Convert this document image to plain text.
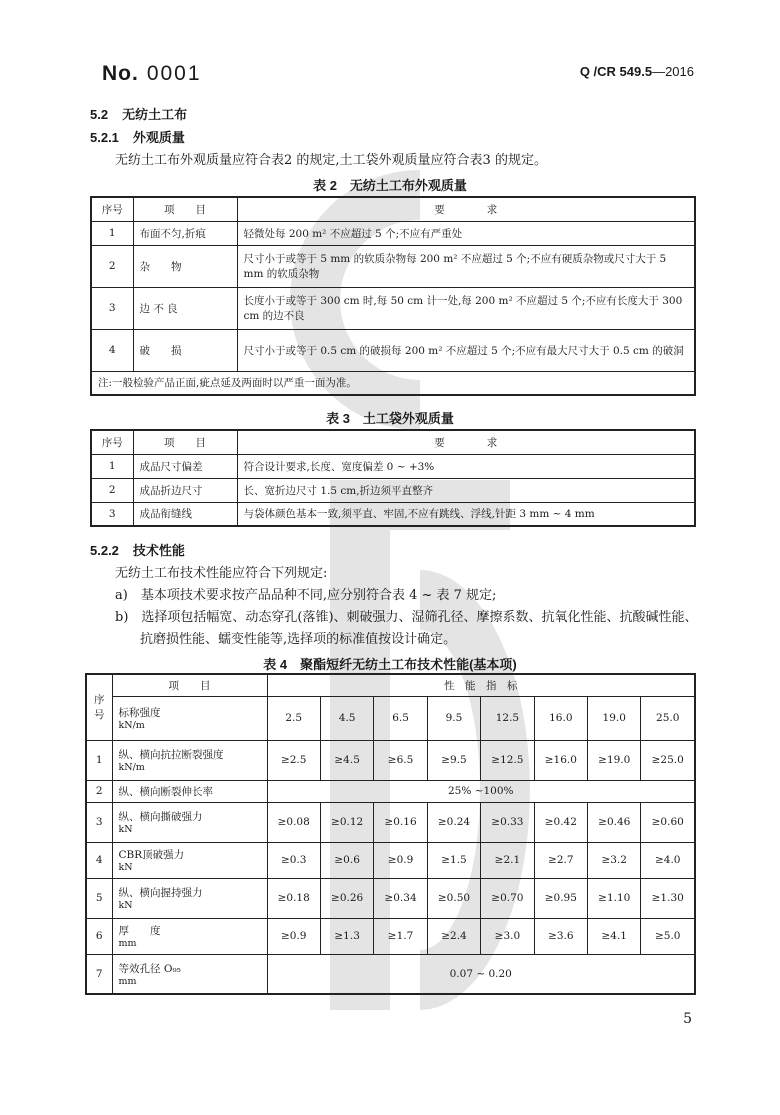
No. 0001	Q /CR 549.5—2016
5.2 无纺土工布
5.2.1 外观质量
无纺土工布外观质量应符合表2 的规定,土工袋外观质量应符合表3 的规定。
表 2　无纺土工布外观质量
序号	项　　目	要　　　　求
1	布面不匀,折痕	轻微处每 200 m² 不应超过 5 个;不应有严重处
2	杂　　物	尺寸小于或等于 5 mm 的软质杂物每 200 m² 不应超过 5 个;不应有硬质杂物或尺寸大于 5 mm 的软质杂物
3	边 不 良	长度小于或等于 300 cm 时,每 50 cm 计一处,每 200 m² 不应超过 5 个;不应有长度大于 300 cm 的边不良
4	破　　损	尺寸小于或等于 0.5 cm 的破损每 200 m² 不应超过 5 个;不应有最大尺寸大于 0.5 cm 的破洞
注:一般检验产品正面,疵点延及两面时以严重一面为准。		
表 3　土工袋外观质量
序号	项　　目	要　　　　求
1	成品尺寸偏差	符合设计要求,长度、宽度偏差 0 ~ +3%
2	成品折边尺寸	长、宽折边尺寸 1.5 cm,折边须平直整齐
3	成品衔缝线	与袋体颜色基本一致,须平直、牢固,不应有跳线、浮线,针距 3 mm ~ 4 mm
5.2.2 技术性能
无纺土工布技术性能应符合下列规定:
a)　基本项技术要求按产品品种不同,应分别符合表 4 ~ 表 7 规定;
b)　选择项包括幅宽、动态穿孔(落锥)、刺破强力、湿筛孔径、摩擦系数、抗氧化性能、抗酸碱性能、
抗磨损性能、蠕变性能等,选择项的标准值按设计确定。
表 4　聚酯短纤无纺土工布技术性能(基本项)
序号	项　　目	性　能　指　标							
	标称强度
kN/m	2.5	4.5	6.5	9.5	12.5	16.0	19.0	25.0
1	纵、横向抗拉断裂强度
kN/m	≥2.5	≥4.5	≥6.5	≥9.5	≥12.5	≥16.0	≥19.0	≥25.0
2	纵、横向断裂伸长率	25% ~100%							
3	纵、横向撕破强力
kN	≥0.08	≥0.12	≥0.16	≥0.24	≥0.33	≥0.42	≥0.46	≥0.60
4	CBR顶破强力
kN	≥0.3	≥0.6	≥0.9	≥1.5	≥2.1	≥2.7	≥3.2	≥4.0
5	纵、横向握持强力
kN	≥0.18	≥0.26	≥0.34	≥0.50	≥0.70	≥0.95	≥1.10	≥1.30
6	厚　　度
mm	≥0.9	≥1.3	≥1.7	≥2.4	≥3.0	≥3.6	≥4.1	≥5.0
7	等效孔径 O₉₅
mm	0.07 ~ 0.20							
5
